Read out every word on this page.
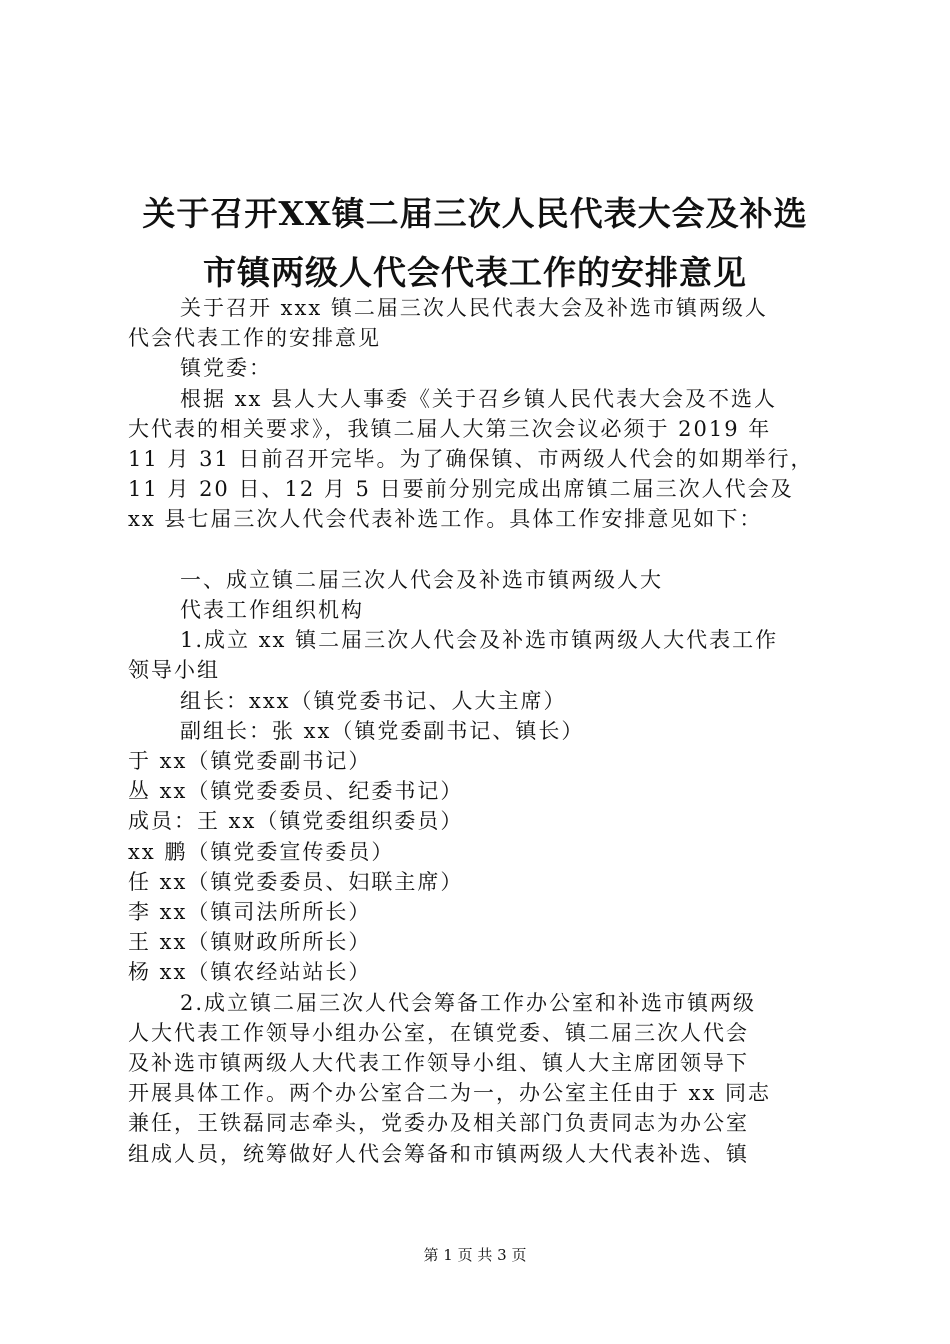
关于召开XX镇二届三次人民代表大会及补选
市镇两级人代会代表工作的安排意见

关于召开 xxx 镇二届三次人民代表大会及补选市镇两级人

代会代表工作的安排意见

镇党委：

根据 xx 县人大人事委《关于召乡镇人民代表大会及不选人

大代表的相关要求》，我镇二届人大第三次会议必须于 2019 年

11 月 31 日前召开完毕。为了确保镇、市两级人代会的如期举行，

11 月 20 日、12 月 5 日要前分别完成出席镇二届三次人代会及

xx 县七届三次人代会代表补选工作。具体工作安排意见如下：

一、成立镇二届三次人代会及补选市镇两级人大

代表工作组织机构

1.成立 xx 镇二届三次人代会及补选市镇两级人大代表工作

领导小组

组长：xxx（镇党委书记、人大主席）

副组长：张 xx（镇党委副书记、镇长）

于 xx（镇党委副书记）

丛 xx（镇党委委员、纪委书记）

成员：王 xx（镇党委组织委员）

xx 鹏（镇党委宣传委员）

任 xx（镇党委委员、妇联主席）

李 xx（镇司法所所长）

王 xx（镇财政所所长）

杨 xx（镇农经站站长）

2.成立镇二届三次人代会筹备工作办公室和补选市镇两级

人大代表工作领导小组办公室，在镇党委、镇二届三次人代会

及补选市镇两级人大代表工作领导小组、镇人大主席团领导下

开展具体工作。两个办公室合二为一，办公室主任由于 xx 同志

兼任，王铁磊同志牵头，党委办及相关部门负责同志为办公室

组成人员，统筹做好人代会筹备和市镇两级人大代表补选、镇

第 1 页 共 3 页
